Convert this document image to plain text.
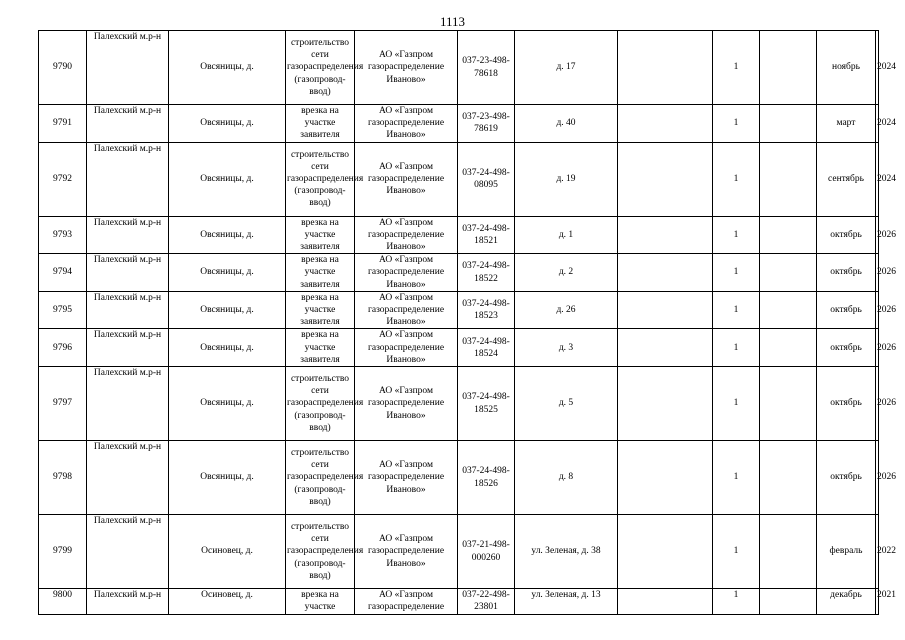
1113
9790	Палехский м.р-н	Овсяницы, д.	строительство сети газораспределения (газопровод-ввод)	АО «Газпром газораспределение Иваново»	037-23-498-78618	д. 17		1		ноябрь	2024
9791	Палехский м.р-н	Овсяницы, д.	врезка на участке заявителя	АО «Газпром газораспределение Иваново»	037-23-498-78619	д. 40		1		март	2024
9792	Палехский м.р-н	Овсяницы, д.	строительство сети газораспределения (газопровод-ввод)	АО «Газпром газораспределение Иваново»	037-24-498-08095	д. 19		1		сентябрь	2024
9793	Палехский м.р-н	Овсяницы, д.	врезка на участке заявителя	АО «Газпром газораспределение Иваново»	037-24-498-18521	д. 1		1		октябрь	2026
9794	Палехский м.р-н	Овсяницы, д.	врезка на участке заявителя	АО «Газпром газораспределение Иваново»	037-24-498-18522	д. 2		1		октябрь	2026
9795	Палехский м.р-н	Овсяницы, д.	врезка на участке заявителя	АО «Газпром газораспределение Иваново»	037-24-498-18523	д. 26		1		октябрь	2026
9796	Палехский м.р-н	Овсяницы, д.	врезка на участке заявителя	АО «Газпром газораспределение Иваново»	037-24-498-18524	д. 3		1		октябрь	2026
9797	Палехский м.р-н	Овсяницы, д.	строительство сети газораспределения (газопровод-ввод)	АО «Газпром газораспределение Иваново»	037-24-498-18525	д. 5		1		октябрь	2026
9798	Палехский м.р-н	Овсяницы, д.	строительство сети газораспределения (газопровод-ввод)	АО «Газпром газораспределение Иваново»	037-24-498-18526	д. 8		1		октябрь	2026
9799	Палехский м.р-н	Осиновец, д.	строительство сети газораспределения (газопровод-ввод)	АО «Газпром газораспределение Иваново»	037-21-498-000260	ул. Зеленая, д. 38		1		февраль	2022
9800	Палехский м.р-н	Осиновец, д.	врезка на участке	АО «Газпром газораспределение	037-22-498-23801	ул. Зеленая, д. 13		1		декабрь	2021
